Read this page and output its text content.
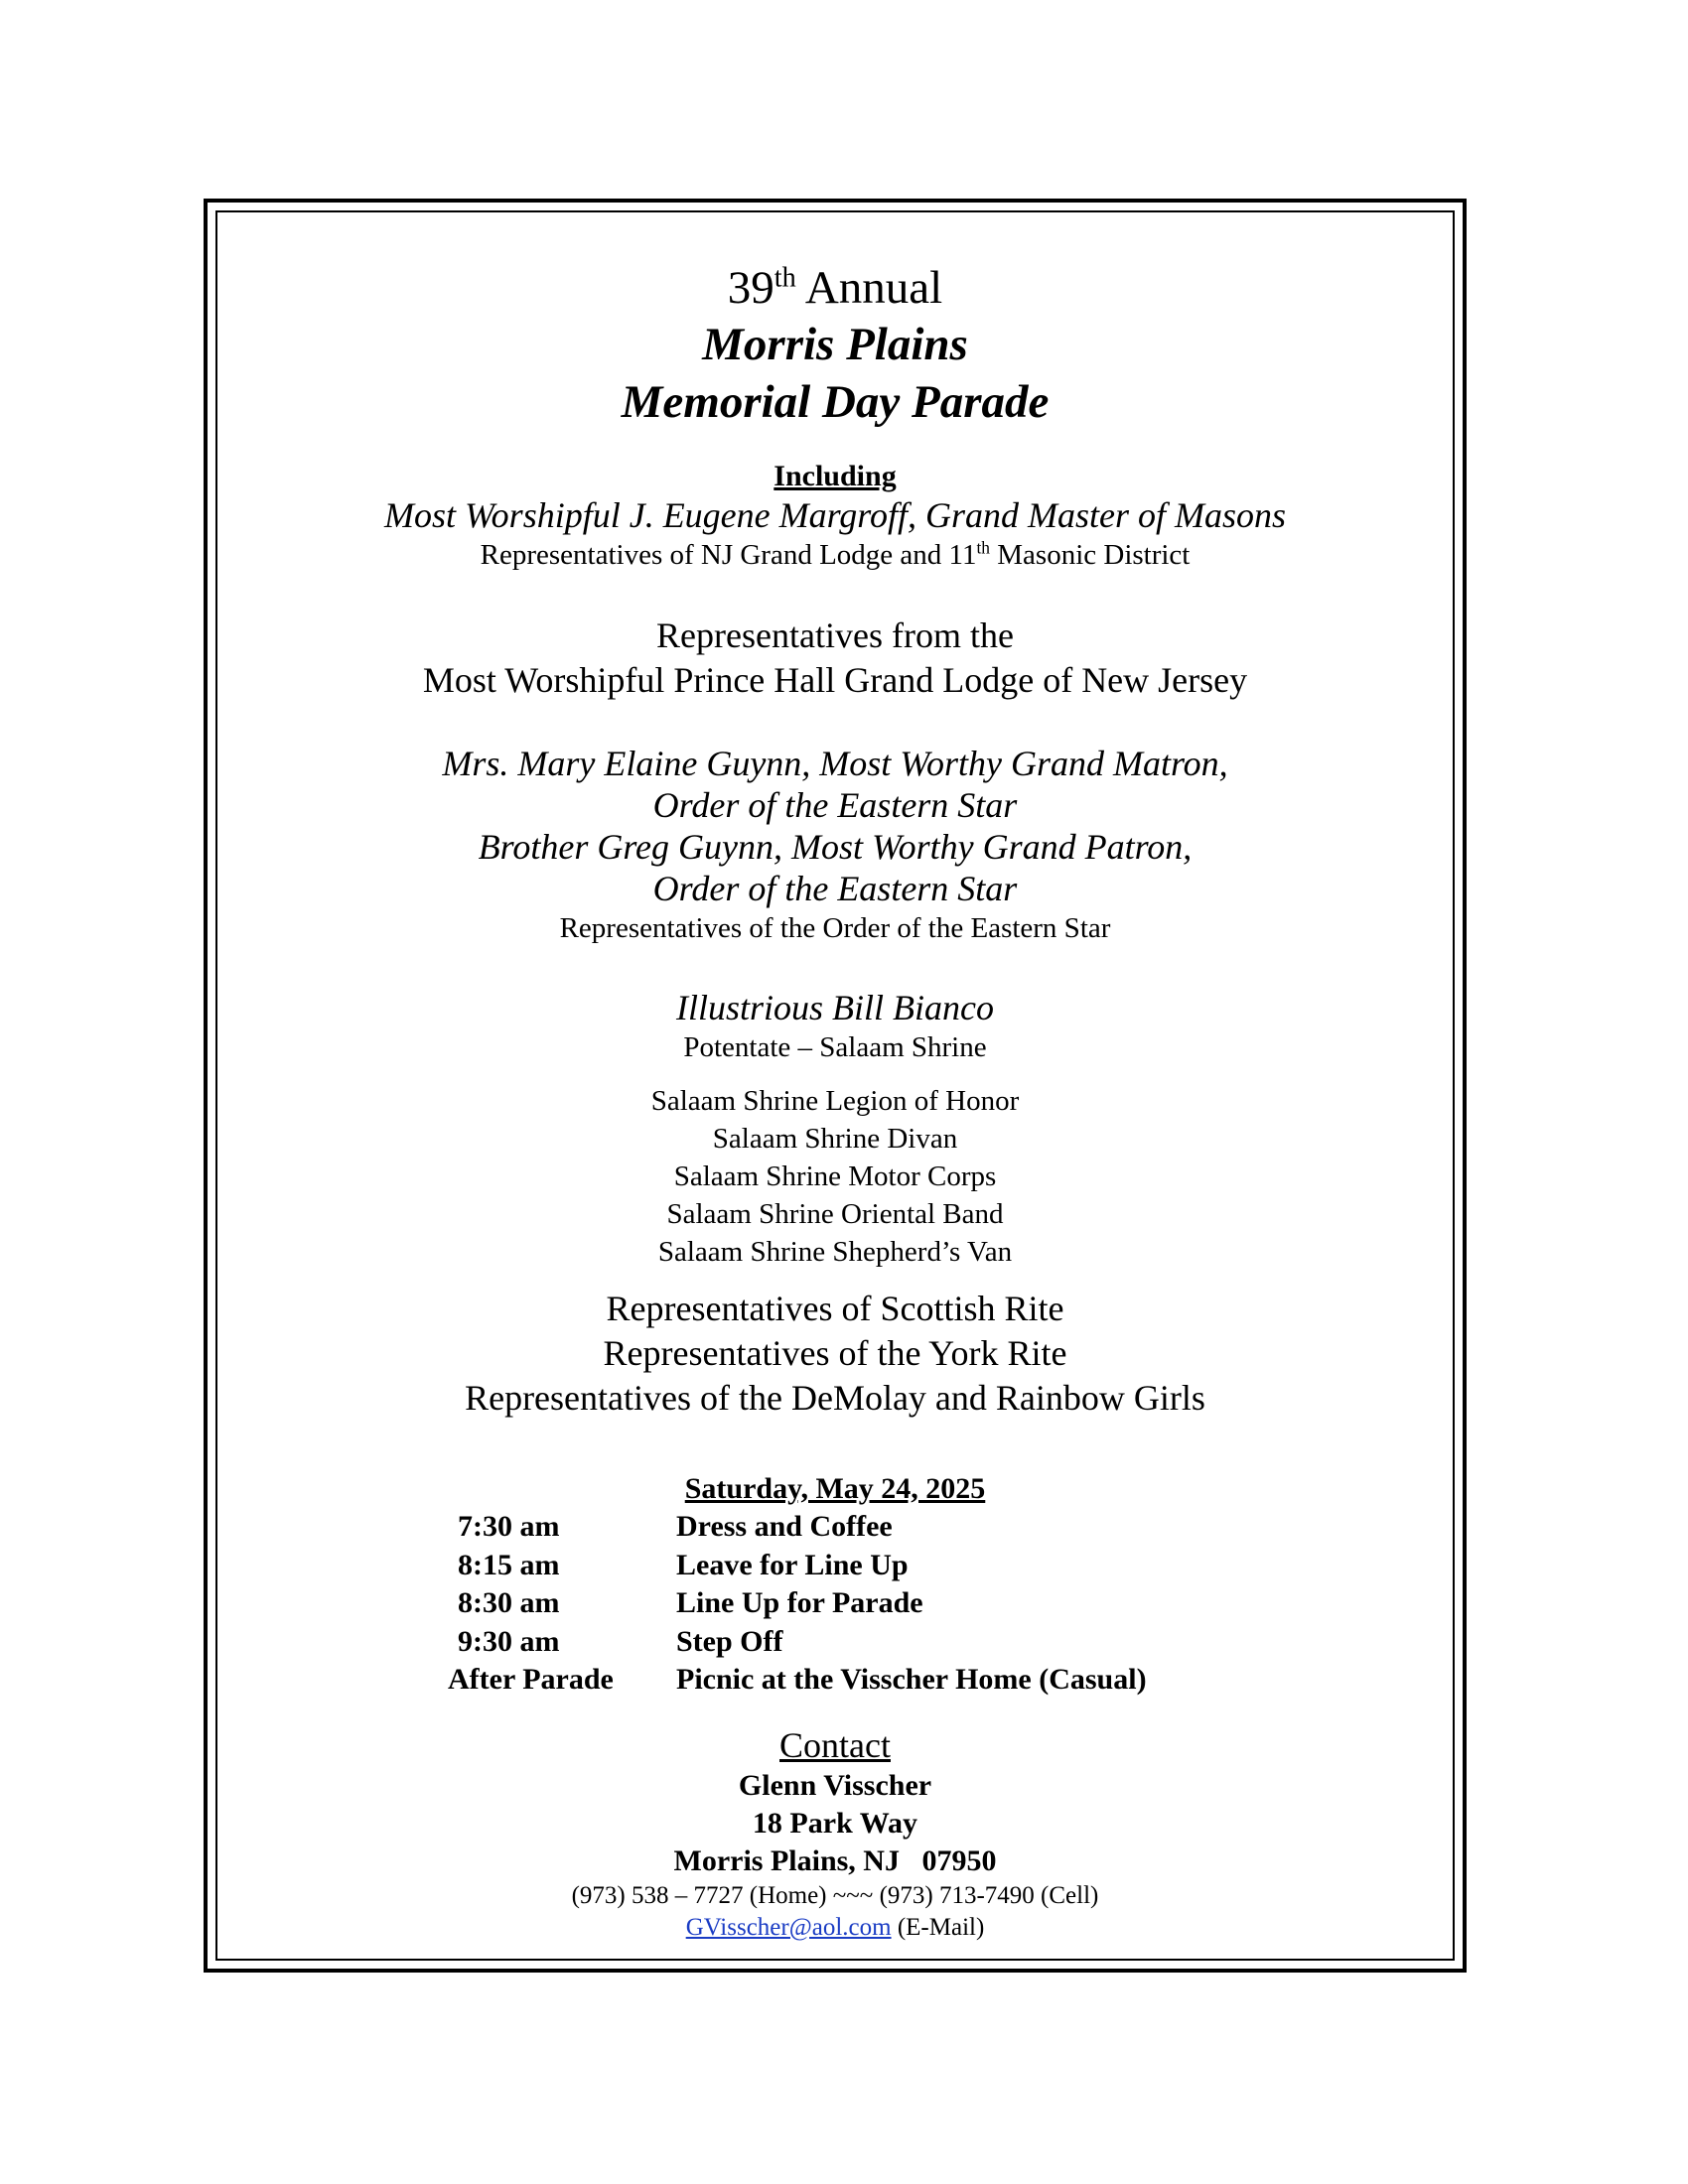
39th Annual
Morris Plains
Memorial Day Parade
Including
Most Worshipful J. Eugene Margroff, Grand Master of Masons
Representatives of NJ Grand Lodge and 11th Masonic District
Representatives from the
Most Worshipful Prince Hall Grand Lodge of New Jersey
Mrs. Mary Elaine Guynn, Most Worthy Grand Matron,
Order of the Eastern Star
Brother Greg Guynn, Most Worthy Grand Patron,
Order of the Eastern Star
Representatives of the Order of the Eastern Star
Illustrious Bill Bianco
Potentate – Salaam Shrine
Salaam Shrine Legion of Honor
Salaam Shrine Divan
Salaam Shrine Motor Corps
Salaam Shrine Oriental Band
Salaam Shrine Shepherd’s Van
Representatives of Scottish Rite
Representatives of the York Rite
Representatives of the DeMolay and Rainbow Girls
Saturday, May 24, 2025
7:30 am	Dress and Coffee
8:15 am	Leave for Line Up
8:30 am	Line Up for Parade
9:30 am	Step Off
After Parade	Picnic at the Visscher Home (Casual)
Contact
Glenn Visscher
18 Park Way
Morris Plains, NJ   07950
(973) 538 – 7727 (Home) ~~~ (973) 713-7490 (Cell)
GVisscher@aol.com (E-Mail)
